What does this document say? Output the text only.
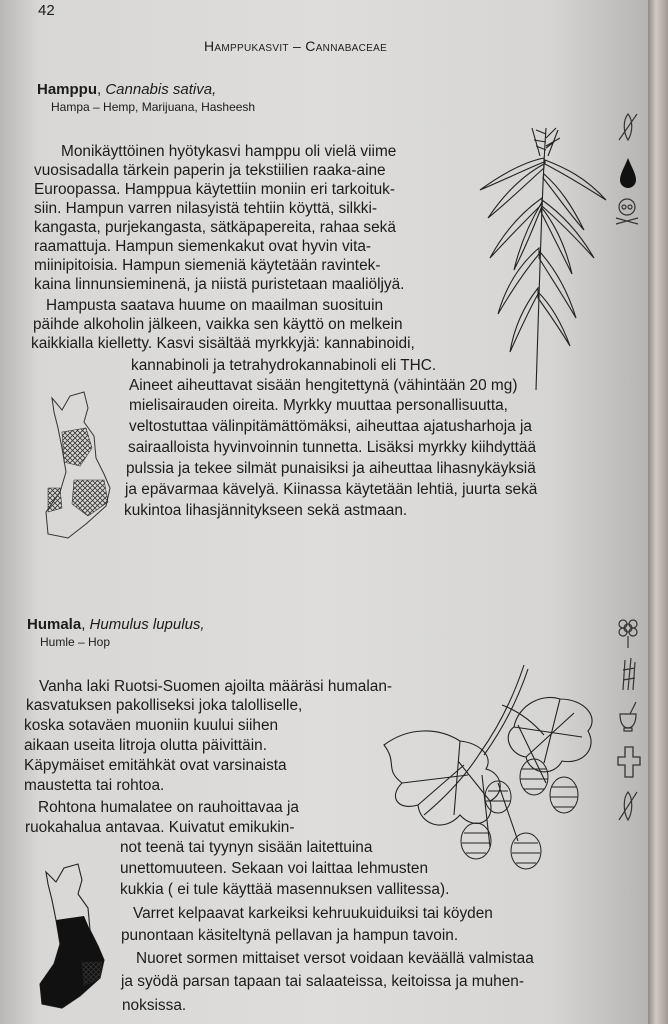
42
Hamppukasvit – Cannabaceae
Hamppu, Cannabis sativa,
Hampa – Hemp, Marijuana, Hasheesh
Monikäyttöinen hyötykasvi hamppu oli vielä viime
vuosisadalla tärkein paperin ja tekstiilien raaka-aine
Euroopassa. Hamppua käytettiin moniin eri tarkoituk-
siin. Hampun varren nilasyistä tehtiin köyttä, silkki-
kangasta, purjekangasta, sätkäpapereita, rahaa sekä
raamattuja. Hampun siemenkakut ovat hyvin vita-
miinipitoisia. Hampun siemeniä käytetään ravintek-
kaina linnunsieminenä, ja niistä puristetaan maaliöljyä.
Hampusta saatava huume on maailman suosituin
päihde alkoholin jälkeen, vaikka sen käyttö on melkein
kaikkialla kielletty. Kasvi sisältää myrkkyjä: kannabinoidi,
kannabinoli ja tetrahydrokannabinoli eli THC.
Aineet aiheuttavat sisään hengitettynä (vähintään 20 mg)
mielisairauden oireita. Myrkky muuttaa personallisuutta,
veltostuttaa välinpitämättömäksi, aiheuttaa ajatusharhoja ja
sairaalloista hyvinvoinnin tunnetta. Lisäksi myrkky kiihdyttää
pulssia ja tekee silmät punaisiksi ja aiheuttaa lihasnykäyksiä
ja epävarmaa kävelyä. Kiinassa käytetään lehtiä, juurta sekä
kukintoa lihasjännitykseen sekä astmaan.
Humala, Humulus lupulus,
Humle – Hop
Vanha laki Ruotsi-Suomen ajoilta määräsi humalan-
kasvatuksen pakolliseksi joka talolliselle,
koska sotaväen muoniin kuului siihen
aikaan useita litroja olutta päivittäin.
Käpymäiset emitähkät ovat varsinaista
maustetta tai rohtoa.
Rohtona humalatee on rauhoittavaa ja
ruokahalua antavaa. Kuivatut emikukin-
not teenä tai tyynyn sisään laitettuina
unettomuuteen. Sekaan voi laittaa lehmusten
kukkia ( ei tule käyttää masennuksen vallitessa).
Varret kelpaavat karkeiksi kehruukuiduiksi tai köyden
punontaan käsiteltynä pellavan ja hampun tavoin.
Nuoret sormen mittaiset versot voidaan keväällä valmistaa
ja syödä parsan tapaan tai salaateissa, keitoissa ja muhen-
noksissa.
